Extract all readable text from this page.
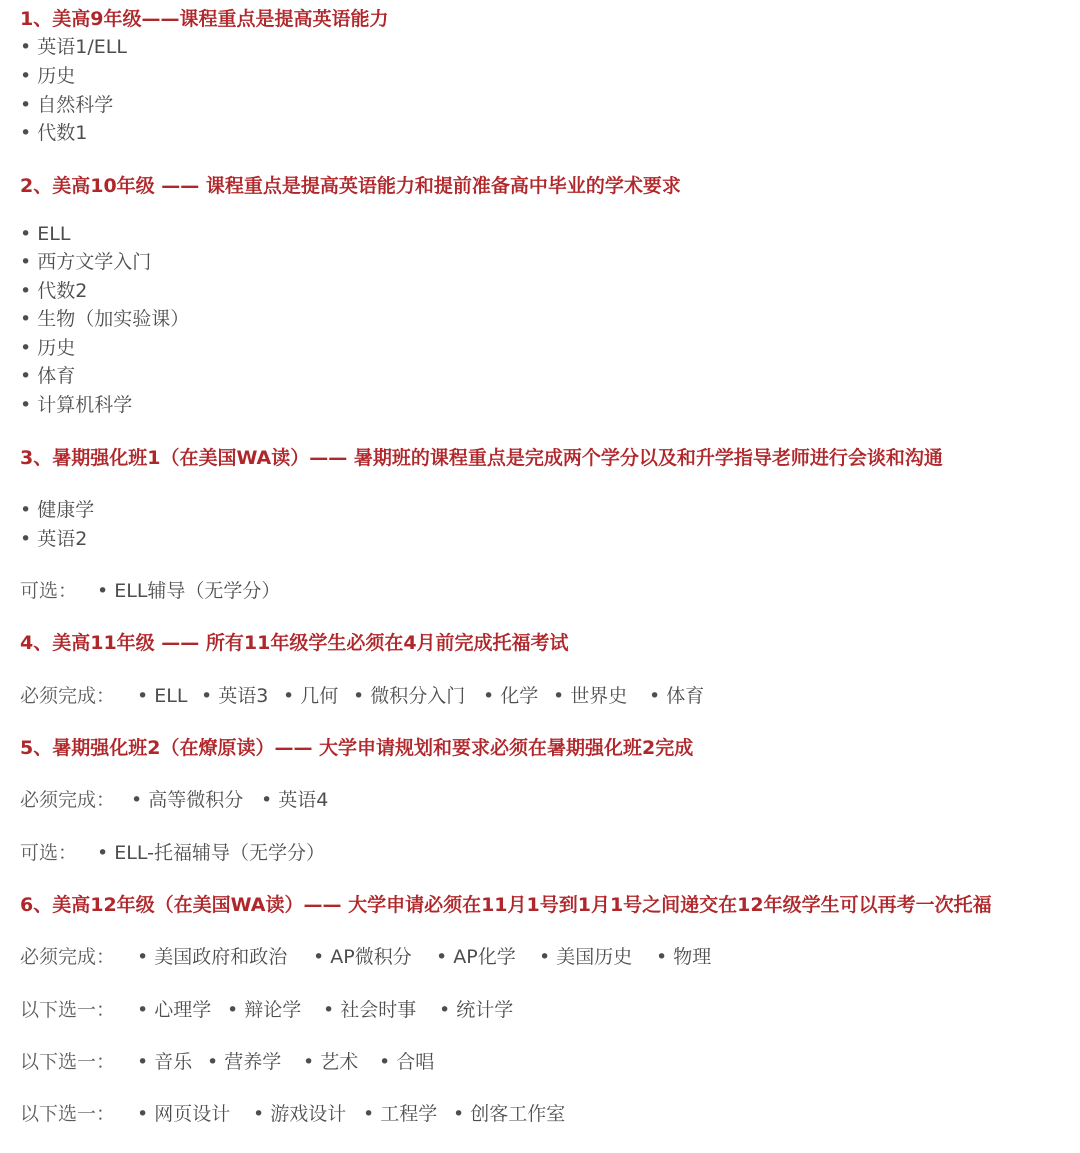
1、美高9年级——课程重点是提高英语能力
• 英语1/ELL
• 历史
• 自然科学
• 代数1
2、美高10年级 —— 课程重点是提高英语能力和提前准备高中毕业的学术要求
• ELL
• 西方文学入门
• 代数2
• 生物（加实验课）
• 历史
• 体育
• 计算机科学
3、暑期强化班1（在美国WA读）—— 暑期班的课程重点是完成两个学分以及和升学指导老师进行会谈和沟通
• 健康学
• 英语2
可选： • ELL辅导（无学分）
4、美高11年级 —— 所有11年级学生必须在4月前完成托福考试
必须完成： • ELL • 英语3 • 几何 • 微积分入门 • 化学 • 世界史 • 体育
5、暑期强化班2（在燎原读）—— 大学申请规划和要求必须在暑期强化班2完成
必须完成： • 高等微积分 • 英语4
可选： • ELL-托福辅导（无学分）
6、美高12年级（在美国WA读）—— 大学申请必须在11月1号到1月1号之间递交在12年级学生可以再考一次托福
必须完成： • 美国政府和政治 • AP微积分 • AP化学 • 美国历史 • 物理
以下选一： • 心理学 • 辩论学 • 社会时事 • 统计学
以下选一： • 音乐 • 营养学 • 艺术 • 合唱
以下选一： • 网页设计 • 游戏设计 • 工程学 • 创客工作室
